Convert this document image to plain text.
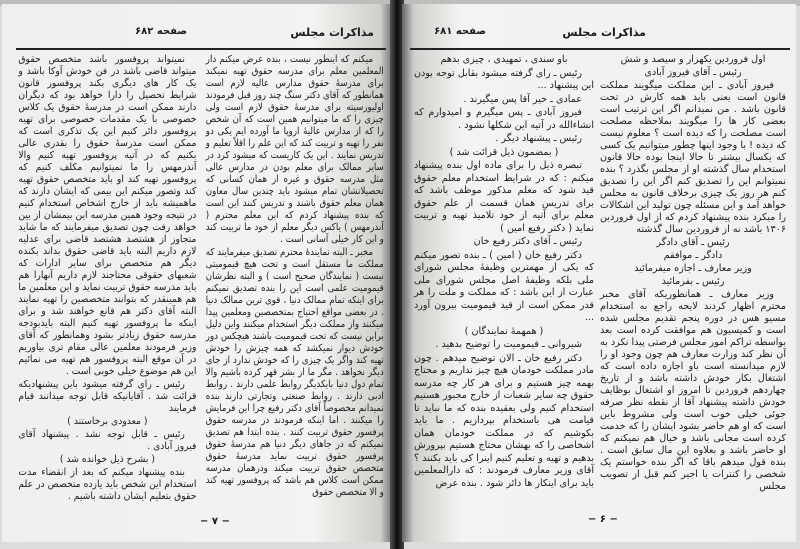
صفحه ۶۸۲	مذاکرات مجلس

میکنم که اینطور نیست ، بنده عرض میکنم دار المعلمین معلم برای مدرسه حقوق تهیه نمیکند برای مدرسهٔ حقوق مدارس عالیه لازم است همانطور که آقای دکتر سنگ چند روز قبل فرمودند اولیورسیته برای مدرسهٔ حقوق لازم است ولی چیزی را که ما میتوانیم همین است که آن شخص را که از مدارس عالیهٔ اروپا ما آورده ایم یکی دو نفر را تهیه و تربیت کند که این علم را اقلاً تعلیم و تدریس نمایند . این یک کاریست که میشود کرد در سایر ممالک برای معلم بودن در مدارس عالی مثل مدرسه حقوق و غیره از همان کسانی که تحصیلاتشان تمام میشود باید چندین سال معاون همان معلم حقوق باشند و تدریس کنند این است که بنده پیشنهاد کردم که این معلم محترم ( آندرمهس ) یاکس دیگر معلم از خود ما تربیت کند و این کار خیلی آسانی است .

مخبر ـ البته نمایندهٔ محترم تصدیق میفرمایند که مملکت ما مستقل است و تحت هیچ قیمومیتی نیست ( نمایندگان صحیح است ) و البته نظرشان قیمومیت علمی است این را بنده تصدیق نمیکنم برای اینکه تمام ممالک دنیا ، قوی ترین ممالک دنیا . در بعضی مواقع احتیاج بمتخصصین ومعلمین پیدا میکنند واز مملکت دیگر استخدام میکنند واین دلیل براین نیست که تحت قیمومیت باشند هیچکس دور خودش دیوار نمیکشد که همه چیزش را خودش تهیه کند واگر یک چیزی را که خودش ندارد از جای دیگر نخواهد . مگر ما از بشر قهر کرده باشیم والا تمام دول دنیا بایکدیگر روابط علمی دارند . روابط ادبی دارند . روابط صنعتی وتجارتی دارند بنده نمیدانم مخصوصاً آقای دکتر رفیع چرا این فرمایش را میکنند . اما اینکه فرمودند در مدرسه حقوق پرفسور حقوق تربیت کنند . بنده ابتدا هم تصدیق نمیکنم که در جاهای دیگر دنیا هم مدرسهٔ حقوق پرفسور حقوق تربیت نماید مدرسهٔ حقوق متخصص حقوق تربیت میکند ودرهمان مدرسه ممکن است کلاس هم باشد که پروفسور تهیه کند و الا متخصص حقوق

نمیتواند پروفسور باشد متخصص حقوق میتواند قاضی باشد در فن خودش آوکا باشد و یک کار های دیگری بکند پروفسور قانون شرایط تحصیل را دارا خواهد بود که دیگران دارند ممکن است در مدرسهٔ حقوق یک کلاس خصوصی با یک مقدمات خصوصی برای تهیه پروفسور دائر کنیم این یک تذکری است که ممکن است مدرسهٔ حقوق را بقدری عالی بکنیم که در آتیه پروفسور تهیه کنیم والا آندرمهس را ما نمیتوانیم مکلف کنیم که پروفسور تهیه کند او باید متخصص حقوق تهیه کند وتصور میکنم این بیمی که ایشان دارند که ماهمیشه باید از خارج اشخاص استخدام کنیم در نتیجه وجود همین مدرسه این بیمشان از بین خواهد رفت چون تصدیق میفرمایند که ما شاید متجاوز از هشتصد هشتصد قاضی برای عدلیه لازم داریم البته باید قاضی حقوق بداند بکنده دیگر هم متخصص برای سایر ادارات که شعبهای حقوقی محتاجند لازم داریم آنهارا هم باید مدرسه حقوق تربیت نماید و این معلمین ما هم همینقدر که بتوانند متخصصین را تهیه نمایند البته آقای دکتر هم قانع خواهند شد و برای اینکه ما پروفسور تهیه کنیم البته بایدبودجه مدرسه حقوق زیادتر بشود وهمانطور که آقای وزیر فرمودند معلمین عالی مقام تری بیاوریم در آن موقع البته پروفسور هم تهیه می نمائیم این هم موضوع خیلی خوبی است .

رئیس ـ رای گرفته میشود باین پیشنهادیکه قرائت شد . آقایانیکه قابل توجه میدانند قیام فرمایند

( معدودی برخاستند )

رئیس ـ قابل توجه نشد . پیشنهاد آقای فیروز آبادی .

( بشرح ذیل خوانده شد )

بنده پیشنهاد میکنم که بعد از انقضاء مدت استخدام این شخص باید یازده متخصص در علم حقوق بتعلیم ایشان داشته باشیم .

− ۷ −
صفحه ۶۸۱	مذاکرات مجلس

اول فروردین یکهزار و سیصد و شش

رئیس ـ آقای فیروز آبادی

فیروز آبادی ـ این مملکت میگویند مملکت قانون است یعنی باید همه کارش در تحت قانون باشد . من نمیدانم اگر این ترتیب است بعضی کار ها را میگویند بملاحظه مصلحت است مصلحت را که دیده است ؟ معلوم نیست که دیده ! با وجود اینها چطور میتوانیم یک کسی که یکسال بیشتر تا حالا اینجا بوده حالا قانون استخدام سال گذشته او از مجلس بگذرد ؟ بنده نمیتوانم این را تصدیق کنم اگر این را تصدیق کنم هر روز یک چیزی برخلاف قانون به مجلس خواهد آمد و این مسئله چون تولید این اشکالات را میکرد بنده پیشنهاد کردم که از اول فروردین ۱۳۰۶ باشد نه از فروردین سال گذشته

رئیس ـ آقای دادگر

دادگر ـ موافقم

وزیر معارف ـ اجازه میفرمائید

رئیس ـ بفرمائید

وزیر معارف ـ همانطوریکه آقای مخبر محترم اظهار کردند لایحه راجع به استخدام مسیو هس در دوره پنجم تقدیم مجلس شده است و کمیسیون هم موافقت کرده است بعد بواسطه تراکم امور مجلس فرصتی پیدا نکرد به آن نظر کند وزارت معارف هم چون وجود او را لازم میدانسته است باو اجازه داده است که اشتغال بکار خودش داشته باشد و از تاریخ چهاردهم فروردین تا امروز او اشتغال بوظایف خودش داشته پیشنهاد آقا از نقطه نظر صرفه جوئی خیلی خوب است ولی مشروط باین است که او هم حاضر بشود ایشان را که خدمت کرده است مجانی باشد و خیال هم نمیکنم که او حاضر باشد و بعلاوه این مال سابق است . بنده قول میدهم باقا که اگر بنده خواستم یک شخصی را کنترات یا اجیر کنم قبل از تصویب مجلس

باو سندی ، تمهیدی ، چیزی بدهم

رئیس ـ رای گرفته میشود بقابل توجه بودن این پیشنهاد ...

عمادی ـ خیر آقا پس میگیرند .

فیروز آبادی ـ پس میگیرم و امیدوارم که انشاءالله در آتیه این شکلها نشود .

رئیس ـ پیشنهاد دیگر .

( بمضمون ذیل قرائت شد )

تبصره ذیل را برای ماده اول بنده پیشنهاد میکنم : که در شرایط استخدام معلم حقوق قید شود که معلم مذکور موظف باشد که برای تدریس همان قسمت از علم حقوق معلم برای آتیه از خود تلامیذ تهیه و تربیت نماید ( دکتر رفیع امین )

رئیس ـ آقای دکتر رفیع خان

دکتر رفیع خان ( امین ) ـ بنده تصور میکنم که یکی از مهمترین وظیفهٔ مجلس شورای ملی بلکه وظیفهٔ اصل مجلس شورای ملی عبارت از این باشد : که مملکت و ملت را هر قدر ممکن است از قید قیمومیت بیرون آورد ...

( همهمهٔ نمایندگان )

شیروانی ـ قیمومیت را توضیح بدهید .

دکتر رفیع خان ـ الان توضیح میدهم . چون مادر مملکت خودمان هیچ چیز نداریم و محتاج بهمه چیز هستیم و برای هر کار چه مدرسه حقوق چه سایر شعبات از خارج مجبور هستیم استخدام کنیم ولی بعقیده بنده که ما نباید تا قیامت هی باستخدام بپردازیم . ما باید بکوشیم که در مملکت خودمان همان اشخاصی را که بهشان محتاج هستیم بپرورش بدهیم و تهیه و تعلیم کنیم اینرا کی باید بکنند ؟ آقای وزیر معارف فرمودند : که دارالمعلمین باید برای اینکار ها دائر شود . بنده عرض

− ۶ −
